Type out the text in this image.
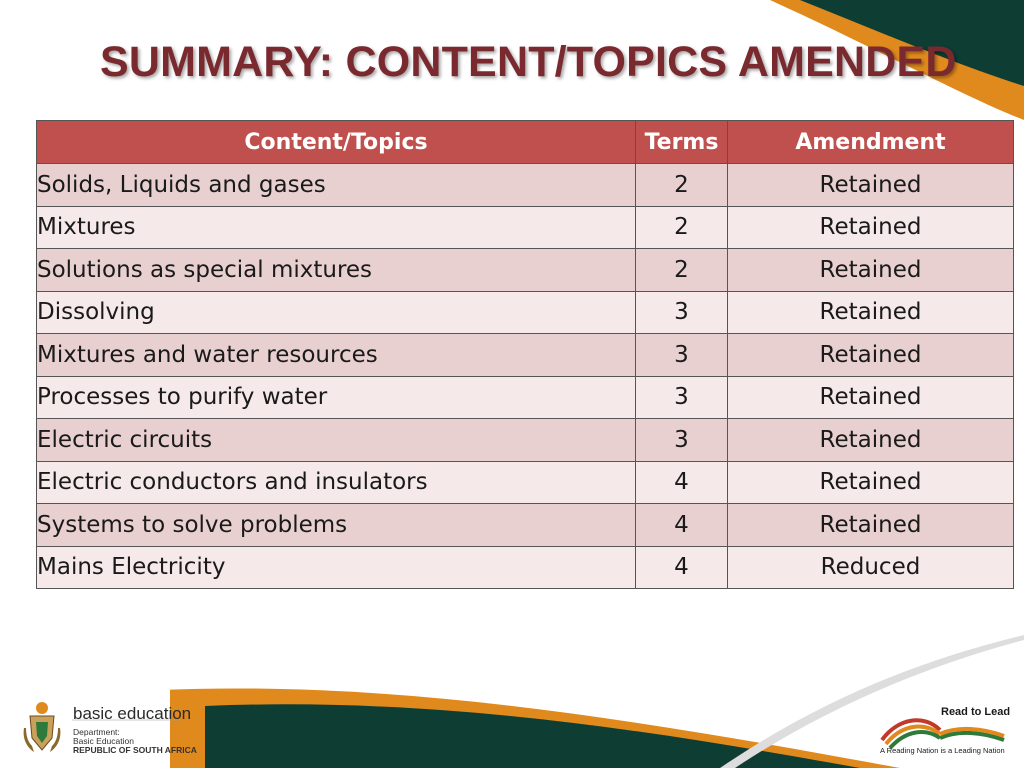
SUMMARY: CONTENT/TOPICS AMENDED
Content/Topics	Terms	Amendment
Solids, Liquids and gases	2	Retained
Mixtures	2	Retained
Solutions as special mixtures	2	Retained
Dissolving	3	Retained
Mixtures and water resources	3	Retained
Processes to purify water	3	Retained
Electric circuits	3	Retained
Electric conductors and insulators	4	Retained
Systems to solve problems	4	Retained
Mains Electricity	4	Reduced
basic education
Department:
Basic Education
REPUBLIC OF SOUTH AFRICA
Read to Lead
A Reading Nation is a Leading Nation
